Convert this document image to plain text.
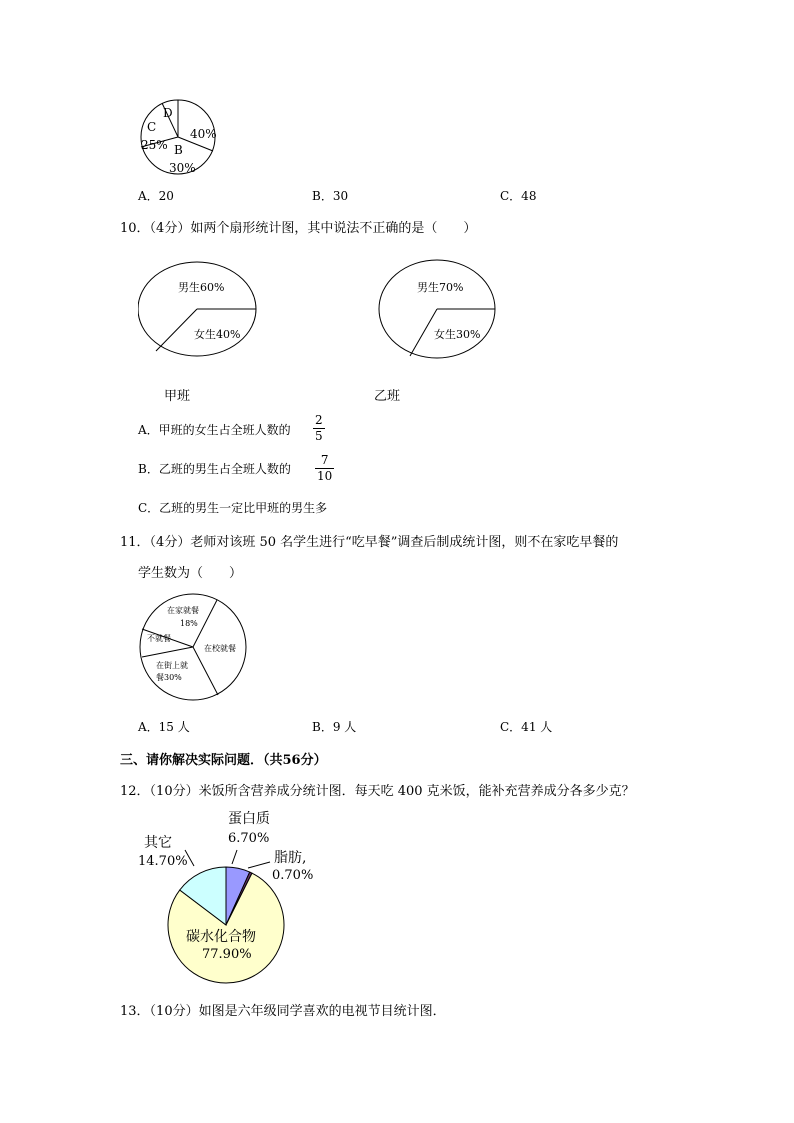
D
C
25% B
30%
40%
A．20	B．30	C．48
10．（4分）如两个扇形统计图，其中说法不正确的是（　　）
男生60%
女生40%
甲班
男生70%
女生30%
乙班
A．甲班的女生占全班人数的 $\frac{2}{5}$
B．乙班的男生占全班人数的 $\frac{7}{10}$
C．乙班的男生一定比甲班的男生多
11．（4分）老师对该班 50 名学生进行“吃早餐”调查后制成统计图，则不在家吃早餐的
学生数为（　　）
在家就餐
18%
不就餐
在校就餐
在街上就
餐30%
A．15 人	B．9 人	C．41 人
三、请你解决实际问题．（共56分）
12．（10分）米饭所含营养成分统计图．每天吃 400 克米饭，能补充营养成分各多少克？
蛋白质
6.70%
脂肪,
0.70%
其它
14.70%
碳水化合物
77.90%
13．（10分）如图是六年级同学喜欢的电视节目统计图．
